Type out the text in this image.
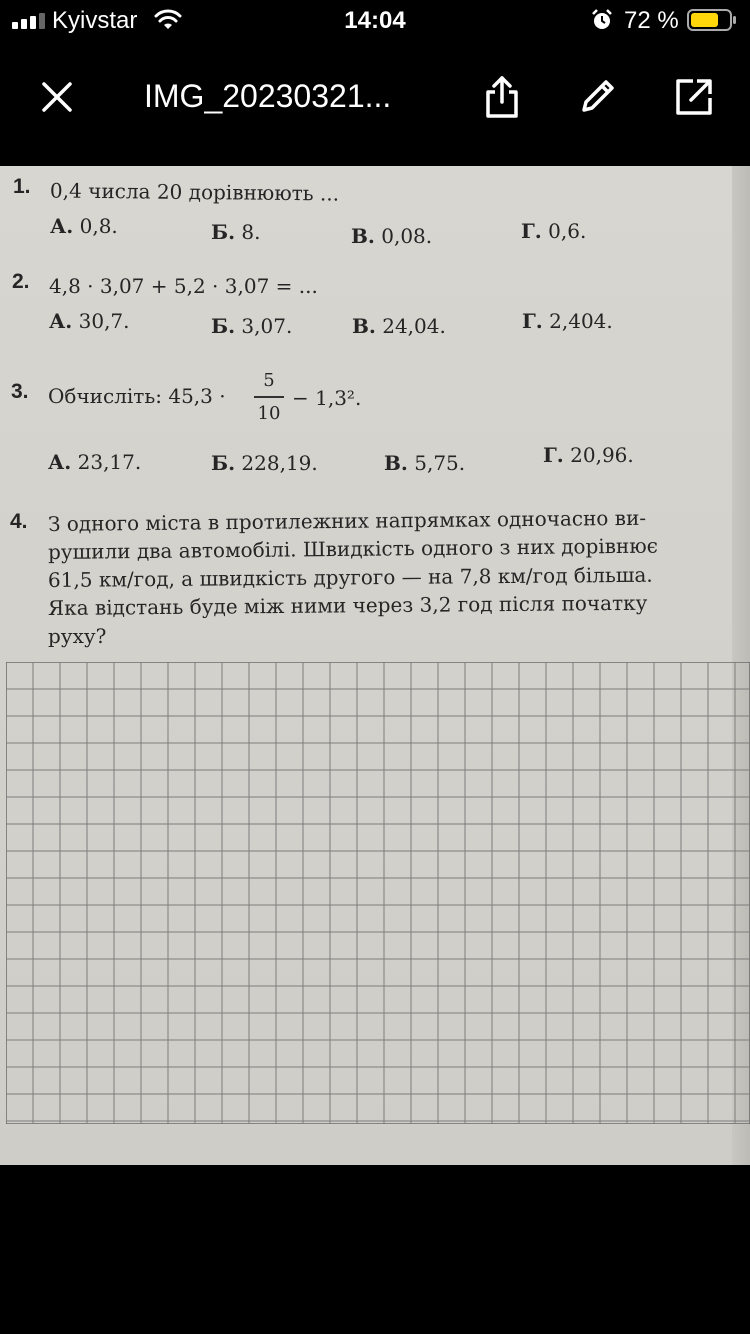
Kyivstar	14:04	72 %
IMG_20230321...
1. 0,4 числа 20 дорівнюють ...
А. 0,8.	Б. 8.	В. 0,08.	Г. 0,6.
2. 4,8 · 3,07 + 5,2 · 3,07 = ...
А. 30,7.	Б. 3,07.	В. 24,04.	Г. 2,404.
3. Обчисліть: 45,3 ·
5
10
− 1,3².
А. 23,17.	Б. 228,19.	В. 5,75.	Г. 20,96.
4. З одного міста в протилежних напрямках одночасно ви-
рушили два автомобілі. Швидкість одного з них дорівнює
61,5 км/год, а швидкість другого — на 7,8 км/год більша.
Яка відстань буде між ними через 3,2 год після початку
руху?
